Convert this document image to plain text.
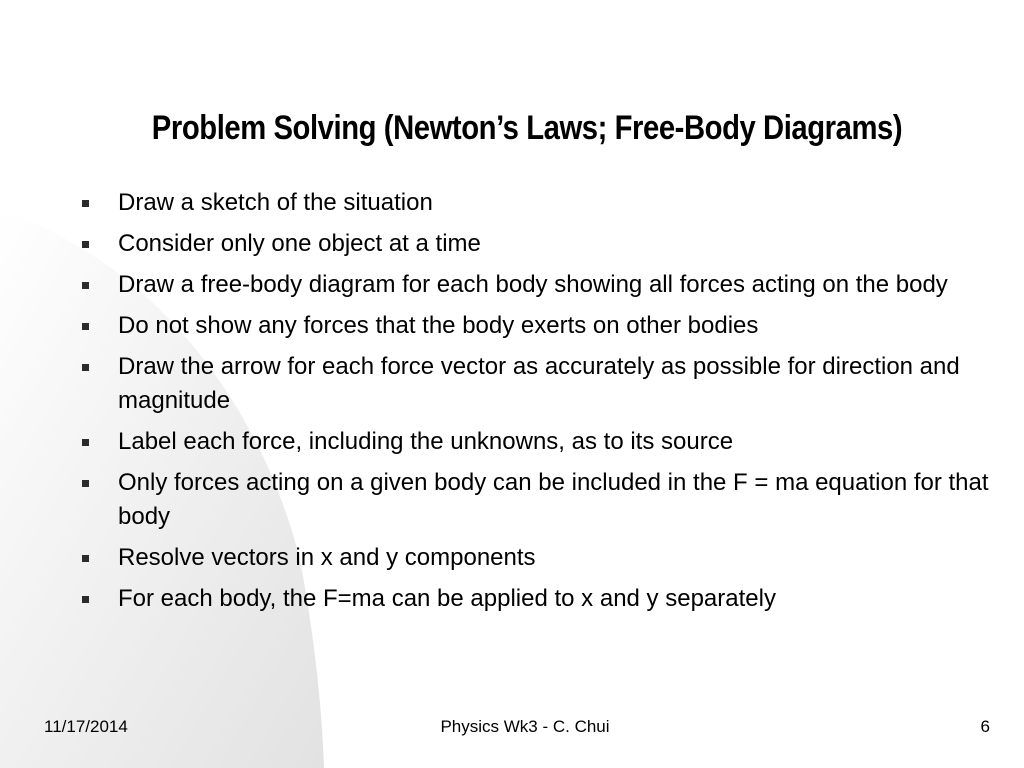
Problem Solving (Newton’s Laws; Free-Body Diagrams)
Draw a sketch of the situation
Consider only one object at a time
Draw a free-body diagram for each body showing all forces acting on the body
Do not show any forces that the body exerts on other bodies
Draw the arrow for each force vector as accurately as possible for direction and magnitude
Label each force, including the unknowns, as to its source
Only forces acting on a given body can be included in the F = ma equation for that body
Resolve vectors in x and y components
For each body, the F=ma can be applied to x and y separately
11/17/2014	Physics Wk3 - C. Chui	6
